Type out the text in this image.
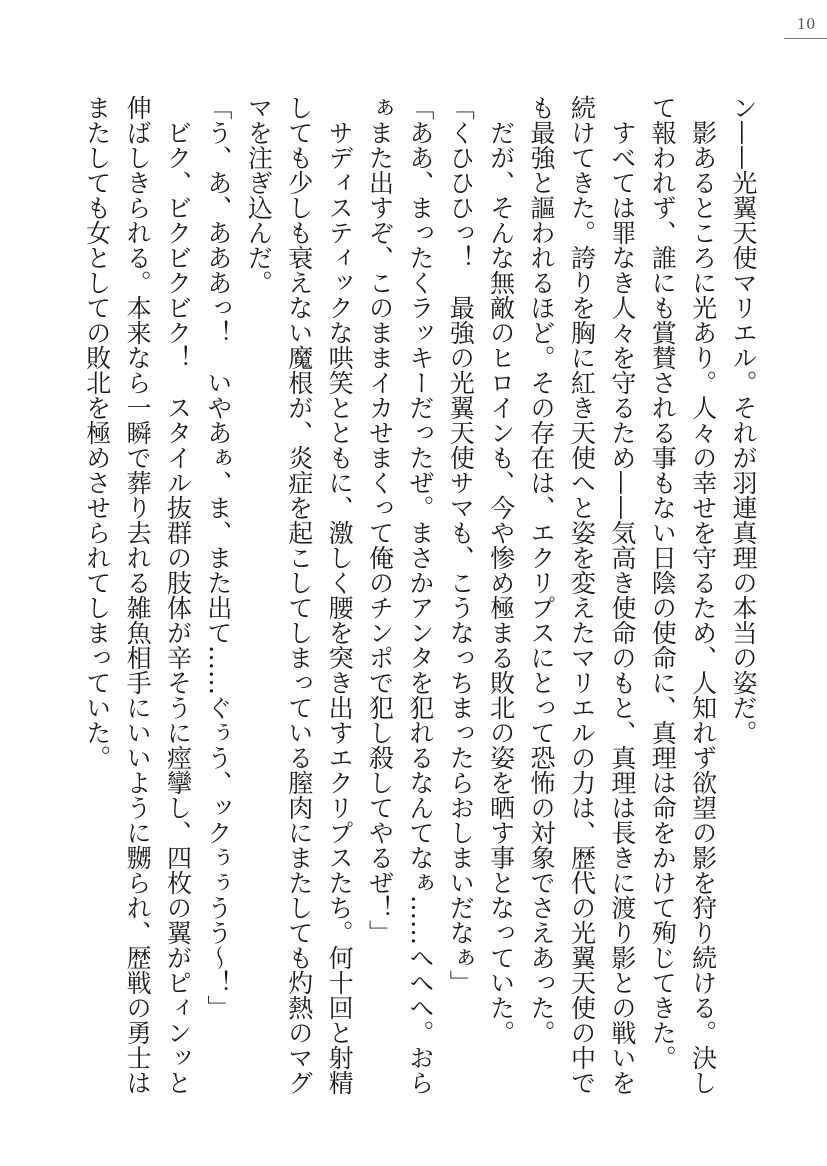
10
ン——光翼天使マリエル。それが羽連真理の本当の姿だ。
　影あるところに光あり。人々の幸せを守るため、人知れず欲望の影を狩り続ける。決し
て報われず、誰にも賞賛される事もない日陰の使命に、真理は命をかけて殉じてきた。
　すべては罪なき人々を守るため——気高き使命のもと、真理は長きに渡り影との戦いを
続けてきた。誇りを胸に紅き天使へと姿を変えたマリエルの力は、歴代の光翼天使の中で
も最強と謳われるほど。その存在は、エクリプスにとって恐怖の対象でさえあった。
　だが、そんな無敵のヒロインも、今や惨め極まる敗北の姿を晒す事となっていた。
「くひひひっ！　最強の光翼天使サマも、こうなっちまったらおしまいだなぁ」
「ああ、まったくラッキーだったぜ。まさかアンタを犯れるなんてなぁ……へへへ。おら
ぁまた出すぞ、このままイカせまくって俺のチンポで犯し殺してやるぜ！」
　サディスティックな哄笑とともに、激しく腰を突き出すエクリプスたち。何十回と射精
しても少しも衰えない魔根が、炎症を起こしてしまっている膣肉にまたしても灼熱のマグ
マを注ぎ込んだ。
「う、あ、あああっ！　いやあぁ、ま、また出て……ぐぅう、ックぅぅうう〜！」
　ビク、ビクビクビク！　スタイル抜群の肢体が辛そうに痙攣し、四枚の翼がピィンッと
伸ばしきられる。本来なら一瞬で葬り去れる雑魚相手にいいように嬲られ、歴戦の勇士は
またしても女としての敗北を極めさせられてしまっていた。
